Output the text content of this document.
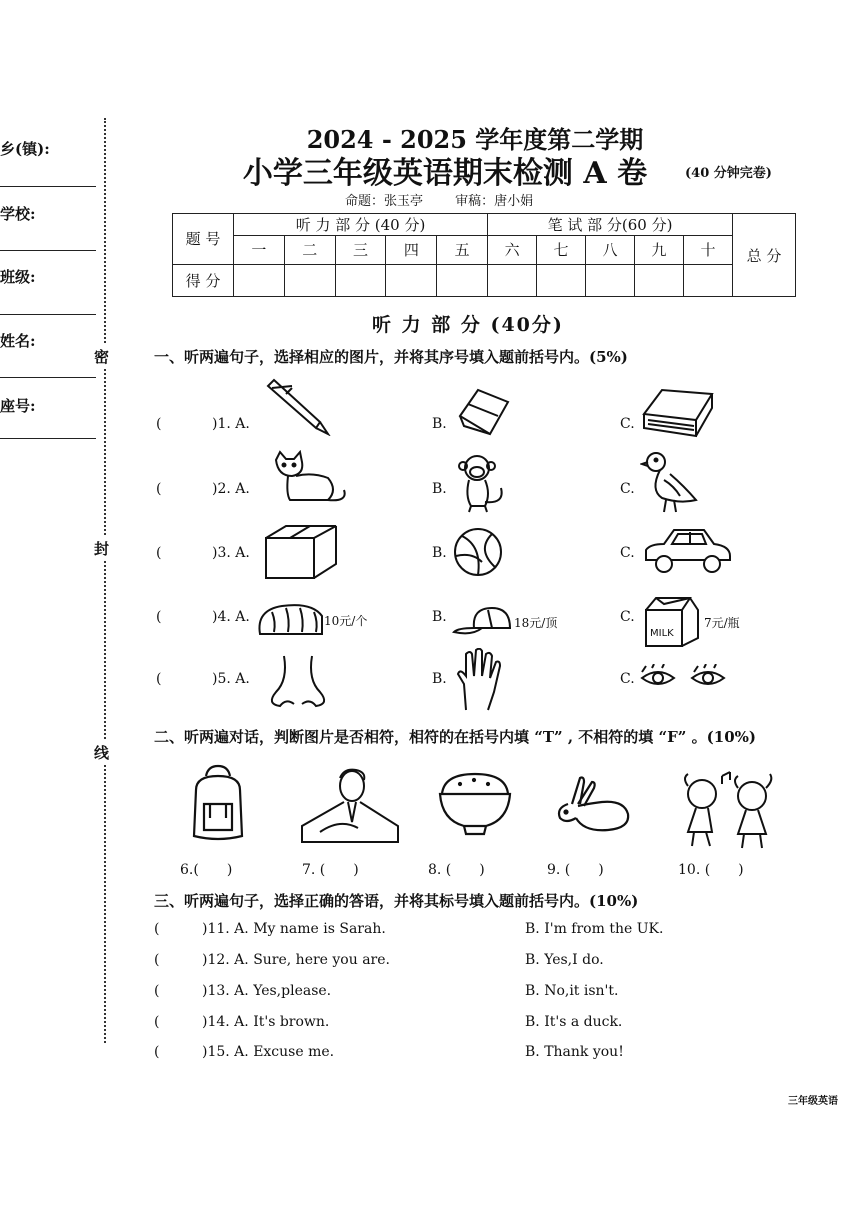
乡(镇):
学校:
班级:
姓名:
座号:
密
封
线
2024 - 2025 学年度第二学期
小学三年级英语期末检测 A 卷	(40 分钟完卷)
命题：张玉亭 审稿：唐小娟
题 号	听 力 部 分 (40 分)					笔 试 部 分(60 分)					总 分
	一	二	三	四	五	六	七	八	九	十	
得 分											
听 力 部 分 (40分)
一、听两遍句子，选择相应的图片，并将其序号填入题前括号内。(5%)
(	)1. A.	B.	C.
(	)2. A.	B.	C.
(	)3. A.	B.	C.
(	)4. A.	B.	C.
10元/个	18元/顶
MILK
7元/瓶
(	)5. A.	B.	C.
二、听两遍对话，判断图片是否相符，相符的在括号内填 “T” , 不相符的填 “F” 。(10%)
6.(　　)	7. (　　)	8. (　　)	9. (　　)	10. (　　)
三、听两遍句子，选择正确的答语，并将其标号填入题前括号内。(10%)
(	)11. A. My name is Sarah.	B. I'm from the UK.
(	)12. A. Sure, here you are.	B. Yes,I do.
(	)13. A. Yes,please.	B. No,it isn't.
(	)14. A. It's brown.	B. It's a duck.
(	)15. A. Excuse me.	B. Thank you!
三年级英语
